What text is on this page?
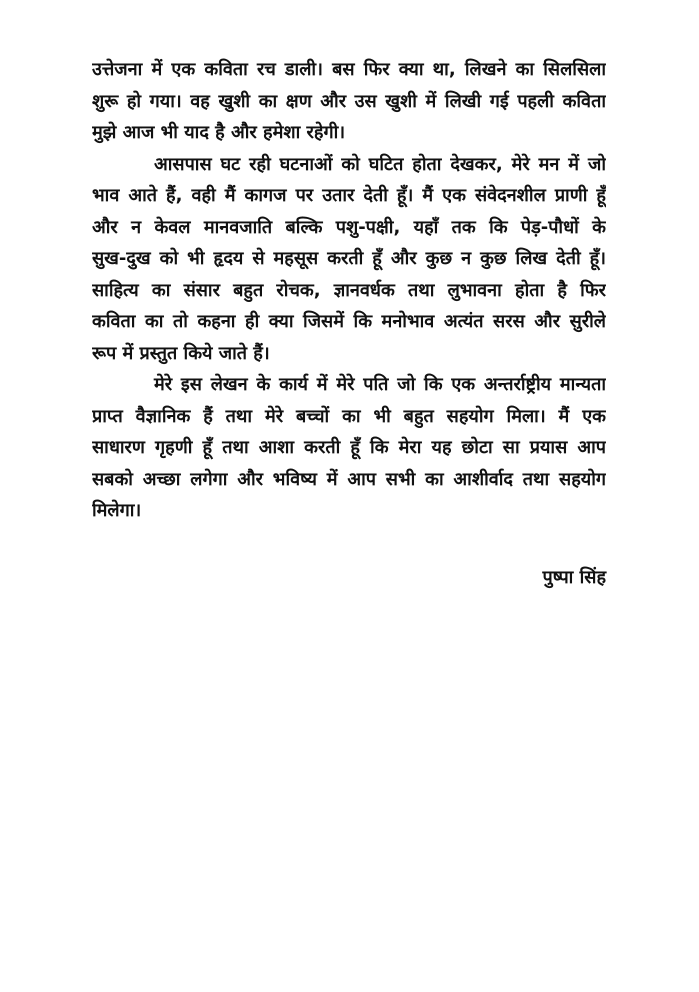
उत्तेजना में एक कविता रच डाली। बस फिर क्या था, लिखने का सिलसिला
शुरू हो गया। वह खुशी का क्षण और उस खुशी में लिखी गई पहली कविता
मुझे आज भी याद है और हमेशा रहेगी।
आसपास घट रही घटनाओं को घटित होता देखकर, मेरे मन में जो
भाव आते हैं, वही मैं कागज पर उतार देती हूँ। मैं एक संवेदनशील प्राणी हूँ
और न केवल मानवजाति बल्कि पशु-पक्षी, यहाँ तक कि पेड़-पौधों के
सुख-दुख को भी हृदय से महसूस करती हूँ और कुछ न कुछ लिख देती हूँ।
साहित्य का संसार बहुत रोचक, ज्ञानवर्धक तथा लुभावना होता है फिर
कविता का तो कहना ही क्या जिसमें कि मनोभाव अत्यंत सरस और सुरीले
रूप में प्रस्तुत किये जाते हैं।
मेरे इस लेखन के कार्य में मेरे पति जो कि एक अन्तर्राष्ट्रीय मान्यता
प्राप्त वैज्ञानिक हैं तथा मेरे बच्चों का भी बहुत सहयोग मिला। मैं एक
साधारण गृहणी हूँ तथा आशा करती हूँ कि मेरा यह छोटा सा प्रयास आप
सबको अच्छा लगेगा और भविष्य में आप सभी का आशीर्वाद तथा सहयोग
मिलेगा।
पुष्पा सिंह
